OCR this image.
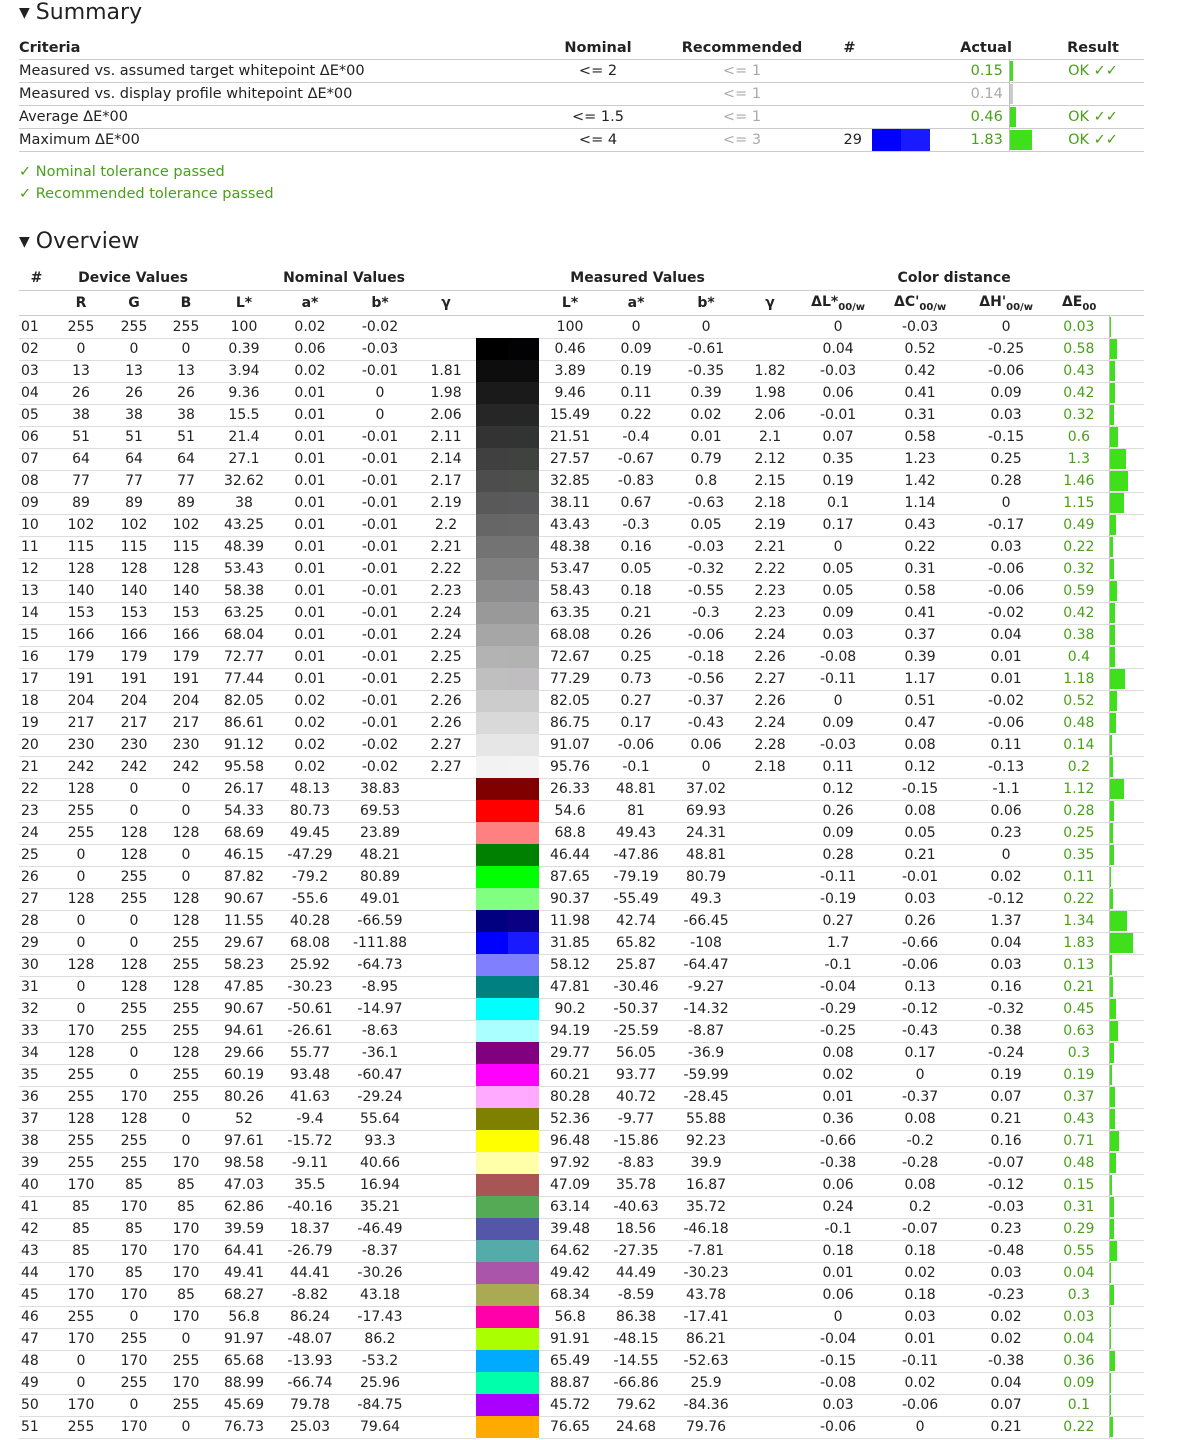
▼ Summary
Criteria	Nominal	Recommended	#		Actual			Result
Measured vs. assumed target whitepoint ΔE*00	<= 2	<= 1				0.15		OK ✓✓
Measured vs. display profile whitepoint ΔE*00		<= 1				0.14		
Average ΔE*00	<= 1.5	<= 1				0.46		OK ✓✓
Maximum ΔE*00	<= 4	<= 3	29			1.83		OK ✓✓
✓ Nominal tolerance passed
✓ Recommended tolerance passed
▼ Overview
#	Device Values			Nominal Values				Measured Values						Color distance				
	R	G	B	L*	a*	b*	γ			L*	a*	b*	γ	$\Delta L*_{00/w}$	$\Delta C'_{00/w}$	$\Delta H'_{00/w}$	$\Delta E_{00}$	
01	255	255	255	100	0.02	-0.02				100	0	0		0	-0.03	0	0.03	
02	0	0	0	0.39	0.06	-0.03				0.46	0.09	-0.61		0.04	0.52	-0.25	0.58	
03	13	13	13	3.94	0.02	-0.01	1.81			3.89	0.19	-0.35	1.82	-0.03	0.42	-0.06	0.43	
04	26	26	26	9.36	0.01	0	1.98			9.46	0.11	0.39	1.98	0.06	0.41	0.09	0.42	
05	38	38	38	15.5	0.01	0	2.06			15.49	0.22	0.02	2.06	-0.01	0.31	0.03	0.32	
06	51	51	51	21.4	0.01	-0.01	2.11			21.51	-0.4	0.01	2.1	0.07	0.58	-0.15	0.6	
07	64	64	64	27.1	0.01	-0.01	2.14			27.57	-0.67	0.79	2.12	0.35	1.23	0.25	1.3	
08	77	77	77	32.62	0.01	-0.01	2.17			32.85	-0.83	0.8	2.15	0.19	1.42	0.28	1.46	
09	89	89	89	38	0.01	-0.01	2.19			38.11	0.67	-0.63	2.18	0.1	1.14	0	1.15	
10	102	102	102	43.25	0.01	-0.01	2.2			43.43	-0.3	0.05	2.19	0.17	0.43	-0.17	0.49	
11	115	115	115	48.39	0.01	-0.01	2.21			48.38	0.16	-0.03	2.21	0	0.22	0.03	0.22	
12	128	128	128	53.43	0.01	-0.01	2.22			53.47	0.05	-0.32	2.22	0.05	0.31	-0.06	0.32	
13	140	140	140	58.38	0.01	-0.01	2.23			58.43	0.18	-0.55	2.23	0.05	0.58	-0.06	0.59	
14	153	153	153	63.25	0.01	-0.01	2.24			63.35	0.21	-0.3	2.23	0.09	0.41	-0.02	0.42	
15	166	166	166	68.04	0.01	-0.01	2.24			68.08	0.26	-0.06	2.24	0.03	0.37	0.04	0.38	
16	179	179	179	72.77	0.01	-0.01	2.25			72.67	0.25	-0.18	2.26	-0.08	0.39	0.01	0.4	
17	191	191	191	77.44	0.01	-0.01	2.25			77.29	0.73	-0.56	2.27	-0.11	1.17	0.01	1.18	
18	204	204	204	82.05	0.02	-0.01	2.26			82.05	0.27	-0.37	2.26	0	0.51	-0.02	0.52	
19	217	217	217	86.61	0.02	-0.01	2.26			86.75	0.17	-0.43	2.24	0.09	0.47	-0.06	0.48	
20	230	230	230	91.12	0.02	-0.02	2.27			91.07	-0.06	0.06	2.28	-0.03	0.08	0.11	0.14	
21	242	242	242	95.58	0.02	-0.02	2.27			95.76	-0.1	0	2.18	0.11	0.12	-0.13	0.2	
22	128	0	0	26.17	48.13	38.83				26.33	48.81	37.02		0.12	-0.15	-1.1	1.12	
23	255	0	0	54.33	80.73	69.53				54.6	81	69.93		0.26	0.08	0.06	0.28	
24	255	128	128	68.69	49.45	23.89				68.8	49.43	24.31		0.09	0.05	0.23	0.25	
25	0	128	0	46.15	-47.29	48.21				46.44	-47.86	48.81		0.28	0.21	0	0.35	
26	0	255	0	87.82	-79.2	80.89				87.65	-79.19	80.79		-0.11	-0.01	0.02	0.11	
27	128	255	128	90.67	-55.6	49.01				90.37	-55.49	49.3		-0.19	0.03	-0.12	0.22	
28	0	0	128	11.55	40.28	-66.59				11.98	42.74	-66.45		0.27	0.26	1.37	1.34	
29	0	0	255	29.67	68.08	-111.88				31.85	65.82	-108		1.7	-0.66	0.04	1.83	
30	128	128	255	58.23	25.92	-64.73				58.12	25.87	-64.47		-0.1	-0.06	0.03	0.13	
31	0	128	128	47.85	-30.23	-8.95				47.81	-30.46	-9.27		-0.04	0.13	0.16	0.21	
32	0	255	255	90.67	-50.61	-14.97				90.2	-50.37	-14.32		-0.29	-0.12	-0.32	0.45	
33	170	255	255	94.61	-26.61	-8.63				94.19	-25.59	-8.87		-0.25	-0.43	0.38	0.63	
34	128	0	128	29.66	55.77	-36.1				29.77	56.05	-36.9		0.08	0.17	-0.24	0.3	
35	255	0	255	60.19	93.48	-60.47				60.21	93.77	-59.99		0.02	0	0.19	0.19	
36	255	170	255	80.26	41.63	-29.24				80.28	40.72	-28.45		0.01	-0.37	0.07	0.37	
37	128	128	0	52	-9.4	55.64				52.36	-9.77	55.88		0.36	0.08	0.21	0.43	
38	255	255	0	97.61	-15.72	93.3				96.48	-15.86	92.23		-0.66	-0.2	0.16	0.71	
39	255	255	170	98.58	-9.11	40.66				97.92	-8.83	39.9		-0.38	-0.28	-0.07	0.48	
40	170	85	85	47.03	35.5	16.94				47.09	35.78	16.87		0.06	0.08	-0.12	0.15	
41	85	170	85	62.86	-40.16	35.21				63.14	-40.63	35.72		0.24	0.2	-0.03	0.31	
42	85	85	170	39.59	18.37	-46.49				39.48	18.56	-46.18		-0.1	-0.07	0.23	0.29	
43	85	170	170	64.41	-26.79	-8.37				64.62	-27.35	-7.81		0.18	0.18	-0.48	0.55	
44	170	85	170	49.41	44.41	-30.26				49.42	44.49	-30.23		0.01	0.02	0.03	0.04	
45	170	170	85	68.27	-8.82	43.18				68.34	-8.59	43.78		0.06	0.18	-0.23	0.3	
46	255	0	170	56.8	86.24	-17.43				56.8	86.38	-17.41		0	0.03	0.02	0.03	
47	170	255	0	91.97	-48.07	86.2				91.91	-48.15	86.21		-0.04	0.01	0.02	0.04	
48	0	170	255	65.68	-13.93	-53.2				65.49	-14.55	-52.63		-0.15	-0.11	-0.38	0.36	
49	0	255	170	88.99	-66.74	25.96				88.87	-66.86	25.9		-0.08	0.02	0.04	0.09	
50	170	0	255	45.69	79.78	-84.75				45.72	79.62	-84.36		0.03	-0.06	0.07	0.1	
51	255	170	0	76.73	25.03	79.64				76.65	24.68	79.76		-0.06	0	0.21	0.22	
